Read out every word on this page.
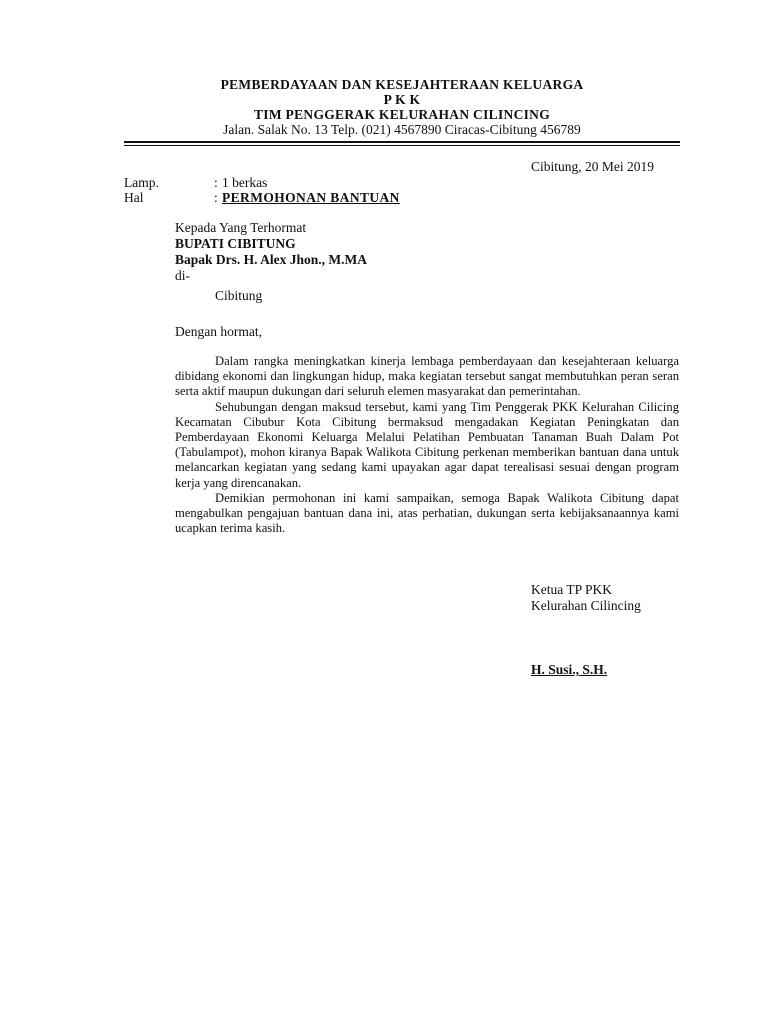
PEMBERDAYAAN DAN KESEJAHTERAAN KELUARGA
P K K
TIM PENGGERAK KELURAHAN CILINCING
Jalan. Salak No. 13 Telp. (021) 4567890 Ciracas-Cibitung 456789
Cibitung, 20 Mei 2019
Lamp.	: 1 berkas
Hal	: PERMOHONAN BANTUAN
Kepada Yang Terhormat
BUPATI CIBITUNG
Bapak Drs. H. Alex Jhon., M.MA
di-
Cibitung
Dengan hormat,

Dalam rangka meningkatkan kinerja lembaga pemberdayaan dan kesejahteraan keluarga dibidang ekonomi dan lingkungan hidup, maka kegiatan tersebut sangat membutuhkan peran seran serta aktif maupun dukungan dari seluruh elemen masyarakat dan pemerintahan.

Sehubungan dengan maksud tersebut, kami yang Tim Penggerak PKK Kelurahan Cilicing Kecamatan Cibubur Kota Cibitung bermaksud mengadakan Kegiatan Peningkatan dan Pemberdayaan Ekonomi Keluarga Melalui Pelatihan Pembuatan Tanaman Buah Dalam Pot (Tabulampot), mohon kiranya Bapak Walikota Cibitung perkenan memberikan bantuan dana untuk melancarkan kegiatan yang sedang kami upayakan agar dapat terealisasi sesuai dengan program kerja yang direncanakan.

Demikian permohonan ini kami sampaikan, semoga Bapak Walikota Cibitung dapat mengabulkan pengajuan bantuan dana ini, atas perhatian, dukungan serta kebijaksanaannya kami ucapkan terima kasih.

Ketua TP PKK
Kelurahan Cilincing
H. Susi., S.H.
